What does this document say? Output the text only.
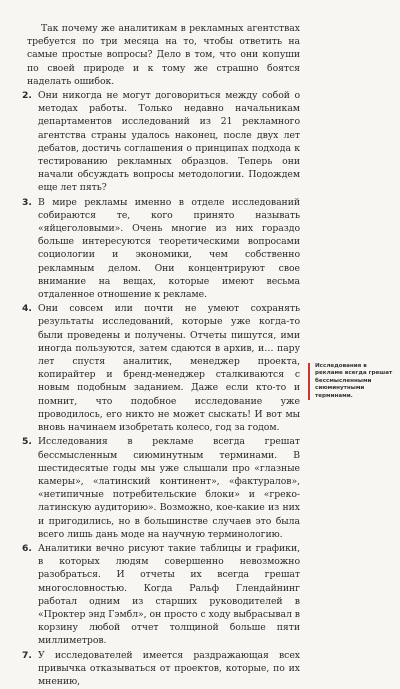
Так почему же аналитикам в рекламных агентствах требуется по три месяца на то, чтобы ответить на самые простые вопросы? Дело в том, что они копуши по своей природе и к тому же страшно боятся наделать ошибок.

2. Они никогда не могут договориться между собой о методах работы. Только недавно начальникам департаментов исследований из 21 рекламного агентства страны удалось наконец, после двух лет дебатов, достичь соглашения о принципах подхода к тестированию рекламных образцов. Теперь они начали обсуждать вопросы методологии. Подождем еще лет пять?

3. В мире рекламы именно в отделе исследований собираются те, кого принято называть «яйцеголовыми». Очень многие из них гораздо больше интересуются теоретическими вопросами социологии и экономики, чем собственно рекламным делом. Они концентрируют свое внимание на вещах, которые имеют весьма отдаленное отношение к рекламе.

4. Они совсем или почти не умеют сохранять результаты исследований, которые уже когда-то были проведены и получены. Отчеты пишутся, ими иногда пользуются, затем сдаются в архив, и… пару лет спустя аналитик, менеджер проекта, копирайтер и бренд-менеджер сталкиваются с новым подобным заданием. Даже если кто-то и помнит, что подобное исследование уже проводилось, его никто не может сыскать! И вот мы вновь начинаем изобретать колесо, год за годом.

5. Исследования в рекламе всегда грешат бессмысленным сиюминутным терминами. В шестидесятые годы мы уже слышали про «глазные камеры», «латинский континент», «фактуралов», «нетипичные потребительские блоки» и «греко-латинскую аудиторию». Возможно, кое-какие из них и пригодились, но в большинстве случаев это была всего лишь дань моде на научную терминологию.

6. Аналитики вечно рисуют такие таблицы и графики, в которых людям совершенно невозможно разобраться. И отчеты их всегда грешат многословностью. Когда Ральф Глендайнинг работал одним из старших руководителей в «Проктер энд Гэмбл», он просто с ходу выбрасывал в корзину любой отчет толщиной больше пяти миллиметров.

7. У исследователей имеется раздражающая всех привычка отказываться от проектов, которые, по их мнению,

Исследования в рекламе всегда грешат бессмысленными сиюминутными терминами.
